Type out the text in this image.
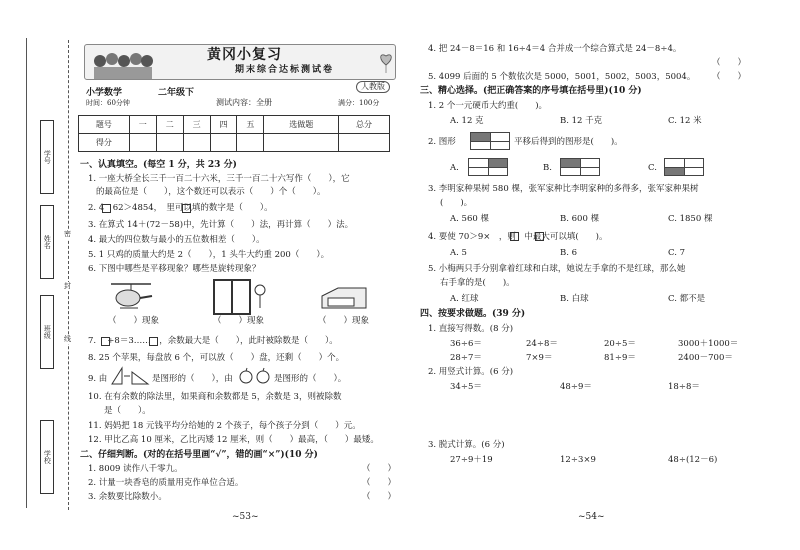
学号
姓名
班级
学校
密
封
线
黄冈小复习
期末综合达标测试卷
人教版
小学数学	二年级下
时间：60分钟	测试内容：全册	满分：100分
题号	一	二	三	四	五	选做题	总分
得分							
一、认真填空。(每空 1 分，共 23 分)
1. 一座大桥全长三千一百二十六米，三千一百二十六写作（　　），它
的最高位是（　　），这个数还可以表示（　　）个（　　）。
2. 4　62＞4854，　里可以填的数字是（　　）。
3. 在算式 14＋(72－58)中，先计算（　　）法，再计算（　　）法。
4. 最大的四位数与最小的五位数相差（　　）。
5. 1 只鸡的质量大约是 2（　　），1 头牛大约重 200（　　）。
6. 下图中哪些是平移现象？哪些是旋转现象？
（　　）现象	（　　）现象	（　　）现象
7. 　÷8＝3……　，余数最大是（　　），此时被除数是（　　）。
8. 25 个苹果，每盘放 6 个，可以放（　　）盘，还剩（　　）个。
9. 由	是图形的（　　），由	是图形的（　　）。
10. 在有余数的除法里，如果商和余数都是 5，余数是 3，则被除数
是（　　）。
11. 妈妈把 18 元钱平均分给她的 2 个孩子，每个孩子分到（　　）元。
12. 甲比乙高 10 厘米，乙比丙矮 12 厘米，则（　　）最高，（　　）最矮。
二、仔细判断。(对的在括号里画“√”，错的画“×”)(10 分)
1. 8009 读作八千零九。	（　　）
2. 计量一块香皂的质量用克作单位合适。	（　　）
3. 余数要比除数小。	（　　）
~53~
4. 把 24－8＝16 和 16÷4＝4 合并成一个综合算式是 24－8÷4。
（　　）
5. 4099 后面的 5 个数依次是 5000，5001，5002，5003，5004。 （　　）
三、精心选择。(把正确答案的序号填在括号里)(10 分)
1. 2 个一元硬币大约重(　　)。
A. 12 克	B. 12 千克	C. 12 米
2. 图形	平移后得到的图形是(　　)。
A.	B.	C.
3. 李明家种果树 580 棵，张军家种比李明家种的多得多，张军家种果树
(　　)。
A. 560 棵	B. 600 棵	C. 1850 棵
4. 要使 70＞9×　，则　中最大可以填(　　)。
A. 5	B. 6	C. 7
5. 小梅两只手分别拿着红球和白球，她说左手拿的不是红球，那么她
右手拿的是(　　)。
A. 红球	B. 白球	C. 都不是
四、按要求做题。(39 分)
1. 直接写得数。(8 分)
36÷6＝	24÷8＝	20÷5＝	3000＋1000＝
28÷7＝	7×9＝	81÷9＝	2400－700＝
2. 用竖式计算。(6 分)
34÷5＝	48÷9＝	18÷8＝
3. 脱式计算。(6 分)
27÷9＋19	12÷3×9	48÷(12－6)
~54~
